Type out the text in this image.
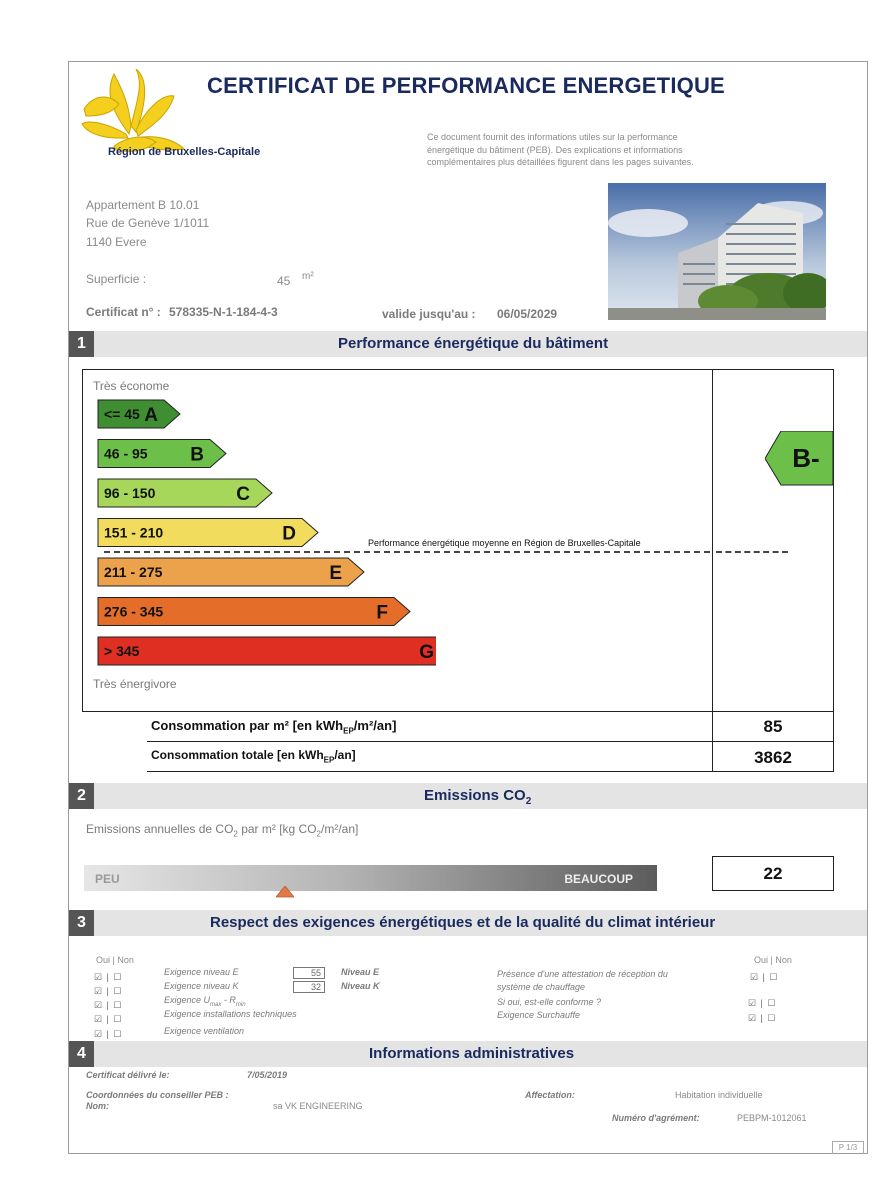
CERTIFICAT DE PERFORMANCE ENERGETIQUE
Région de Bruxelles-Capitale
Ce document fournit des informations utiles sur la performance énergétique du bâtiment (PEB). Des explications et informations complémentaires plus détaillées figurent dans les pages suivantes.
Appartement B 10.01
Rue de Genève 1/1011
1140 Evere
Superficie :	45 m²
Certificat n° : 578335-N-1-184-4-3	valide jusqu'au : 06/05/2029
1	Performance énergétique du bâtiment
Très économe
Très énergivore
<= 45 A
46 - 95 B
96 - 150	C
151 - 210	D
211 - 275	E
276 - 345	F
> 345	G
Performance énergétique moyenne en Région de Bruxelles-Capitale
B-
Consommation par m² [en kWh$_{EP}$/m²/an]	85
Consommation totale [en kWh$_{EP}$/an]	3862
2	Emissions $CO_2$
Emissions annuelles de $CO_2$ par m² [kg $CO_2/m^2/an$]
PEU	BEAUCOUP	22
3	Respect des exigences énergétiques et de la qualité du climat intérieur
Oui | Non	Oui | Non
☑ | ☐	Exigence niveau E	55	Niveau E
☑ | ☐	Exigence niveau K	32	Niveau K
☑ | ☐	Exigence $U_{max} - R_{min}$
☑ | ☐	Exigence installations techniques
☑ | ☐	Exigence ventilation
Présence d'une attestation de réception du
système de chauffage
☑ | ☐
Si oui, est-elle conforme ?	☑ | ☐
Exigence Surchauffe	☑ | ☐
4	Informations administratives
Certificat délivré le:	7/05/2019
Coordonnées du conseiller PEB :
Nom:	sa VK ENGINEERING
Affectation:	Habitation individuelle
Numéro d'agrément:	PEBPM-1012061
P 1/3
